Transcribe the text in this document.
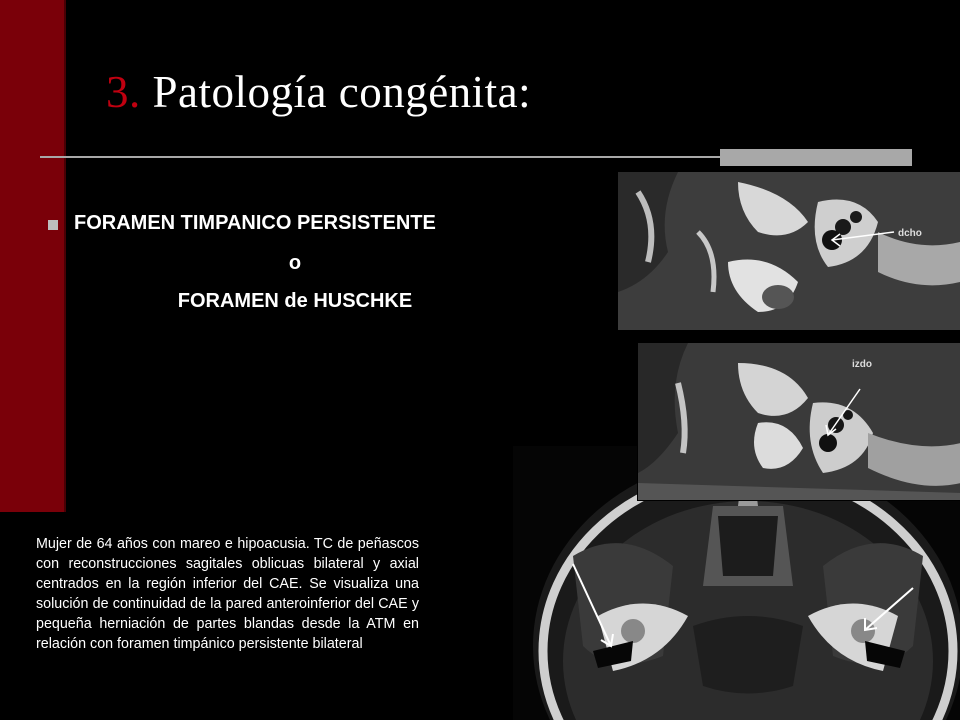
3. Patología congénita:
FORAMEN TIMPANICO PERSISTENTE
o
FORAMEN de HUSCHKE
dcho
izdo
Mujer de 64 años con mareo e hipoacusia. TC de peñascos con reconstrucciones sagitales oblicuas bilateral y axial centrados en la región inferior del CAE. Se visualiza una solución de continuidad de la pared anteroinferior del CAE y pequeña herniación de partes blandas desde la ATM en relación con foramen timpánico persistente bilateral
